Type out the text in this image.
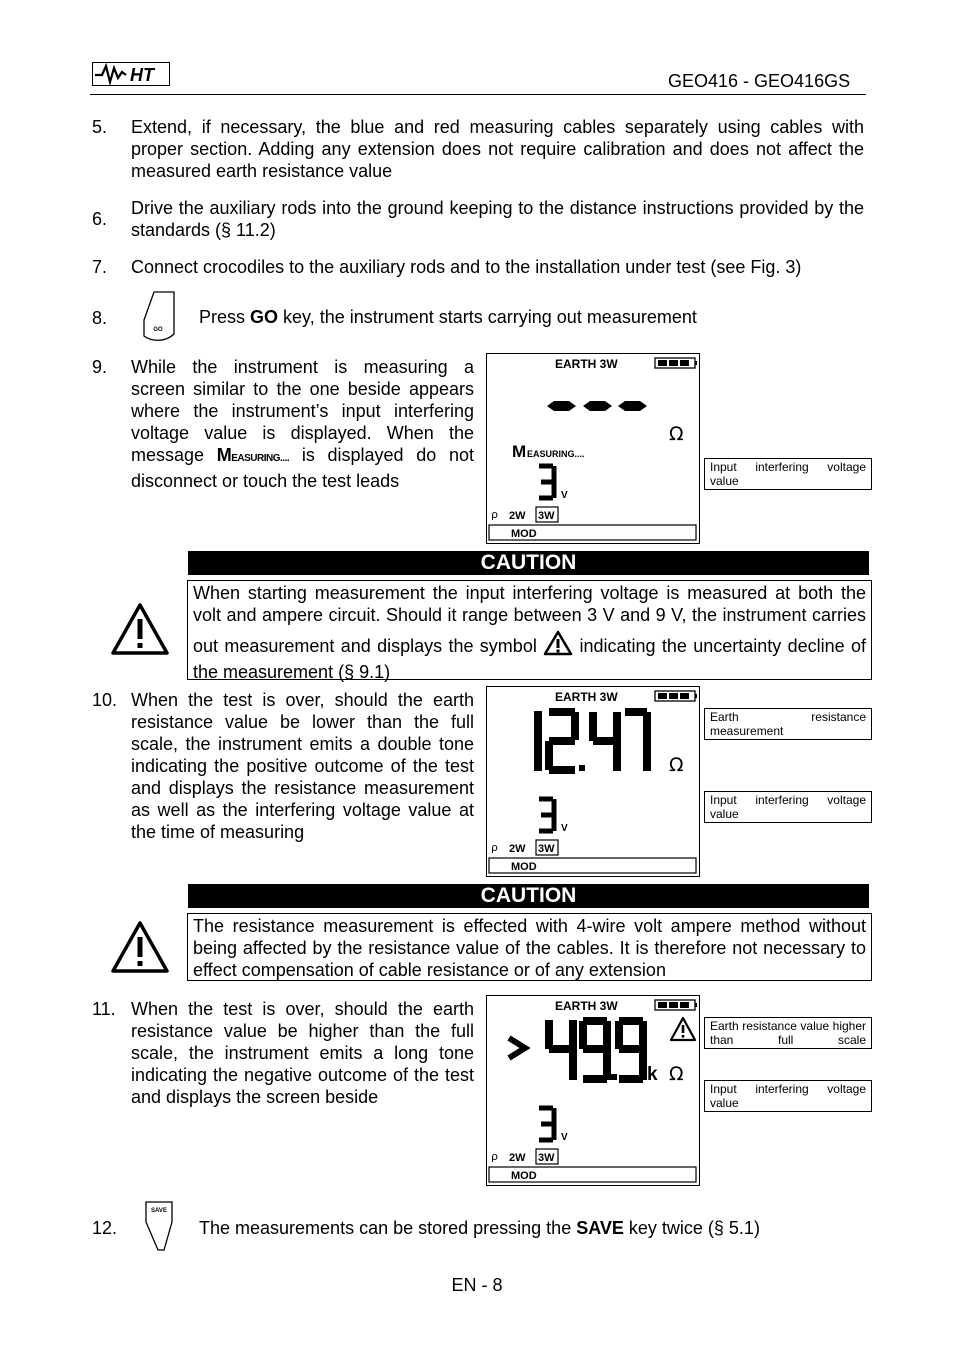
HT	GEO416 - GEO416GS
5. Extend, if necessary, the blue and red measuring cables separately using cables with proper section. Adding any extension does not require calibration and does not affect the measured earth resistance value
6.
Drive the auxiliary rods into the ground keeping to the distance instructions provided by the standards (§ 11.2)
7. Connect crocodiles to the auxiliary rods and to the installation under test (see Fig. 3)
8.
GO
Press GO key, the instrument starts carrying out measurement
9. While the instrument is measuring a screen similar to the one beside appears where the instrument’s input interfering voltage value is displayed. When the message MEASURING.... is displayed do not disconnect or touch the test leads
EARTH 3W
Ω
M EASURING....
V
ρ 2W 3W
MOD
Input interfering voltage value
CAUTION
When starting measurement the input interfering voltage is measured at both the volt and ampere circuit. Should it range between 3 V and 9 V, the instrument carries out measurement and displays the symbol  indicating the uncertainty decline of the measurement (§ 9.1)
10. When the test is over, should the earth resistance value be lower than the full scale, the instrument emits a double tone indicating the positive outcome of the test and displays the resistance measurement as well as the interfering voltage value at the time of measuring
EARTH 3W
Ω
V
ρ 2W 3W
MOD
Earth resistance measurement
Input interfering voltage value
CAUTION
The resistance measurement is effected with 4-wire volt ampere method without being affected by the resistance value of the cables. It is therefore not necessary to effect compensation of cable resistance or of any extension
11. When the test is over, should the earth resistance value be higher than the full scale, the instrument emits a long tone indicating the negative outcome of the test and displays the screen beside
EARTH 3W
k Ω
V
ρ 2W 3W
MOD
Earth resistance value higher than full scale
Input interfering voltage value
12.
SAVE
The measurements can be stored pressing the SAVE key twice (§ 5.1)
EN - 8
